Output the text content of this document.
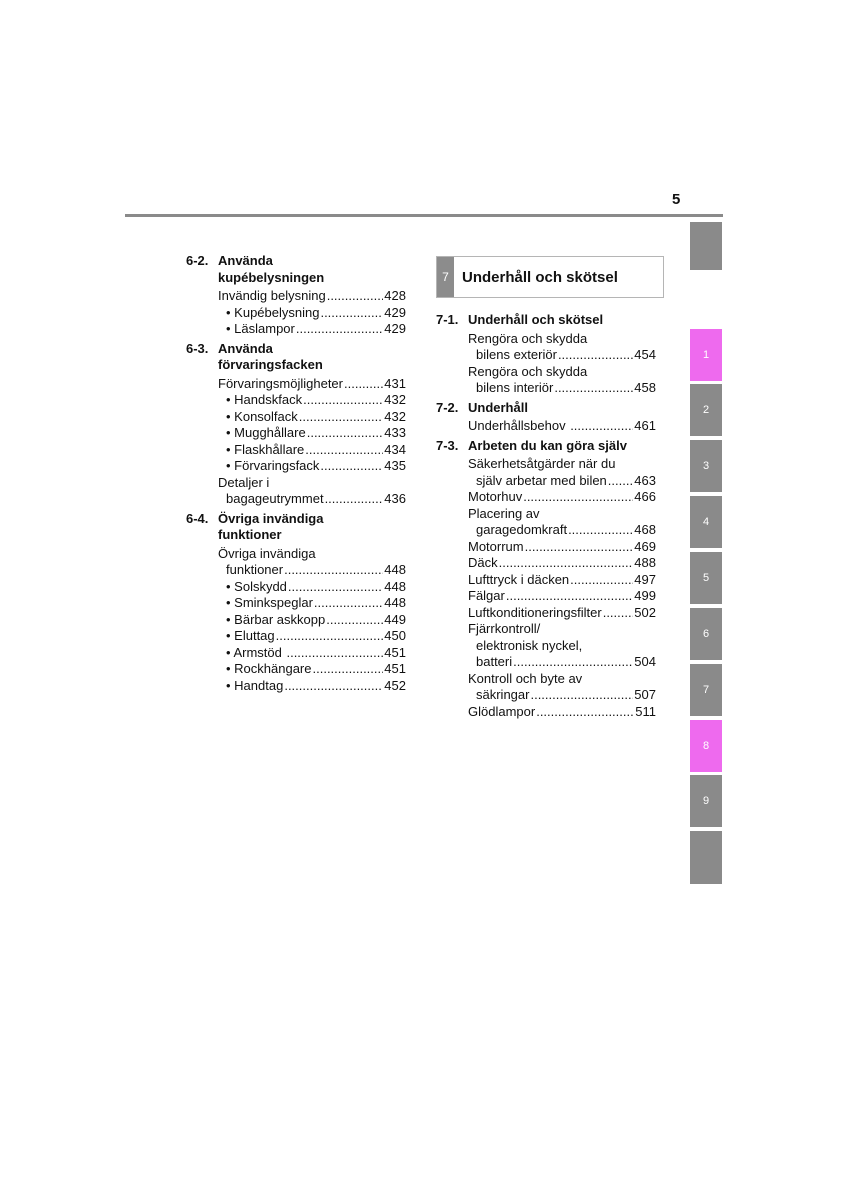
5
6-2. Använda
kupébelysningen
Invändig belysning .....	428
• Kupébelysning .....	429
• Läslampor .....	429
6-3. Använda
förvaringsfacken
Förvaringsmöjligheter .....	431
• Handskfack .....	432
• Konsolfack .....	432
• Mugghållare .....	433
• Flaskhållare .....	434
• Förvaringsfack .....	435
Detaljer i
bagageutrymmet .....	436
6-4. Övriga invändiga
funktioner
Övriga invändiga
funktioner .....	448
• Solskydd .....	448
• Sminkspeglar .....	448
• Bärbar askkopp .....	449
• Eluttag .....	450
• Armstöd .....	451
• Rockhängare .....	451
• Handtag .....	452
7 Underhåll och skötsel
7-1. Underhåll och skötsel
Rengöra och skydda
bilens exteriör .....	454
Rengöra och skydda
bilens interiör .....	458
7-2. Underhåll
Underhållsbehov .....	461
7-3. Arbeten du kan göra själv
Säkerhetsåtgärder när du
själv arbetar med bilen ..... 463
Motorhuv .....	466
Placering av
garagedomkraft .....	468
Motorrum .....	469
Däck .....	488
Lufttryck i däcken .....	497
Fälgar .....	499
Luftkonditioneringsfilter .....	502
Fjärrkontroll/
elektronisk nyckel,
batteri .....	504
Kontroll och byte av
säkringar .....	507
Glödlampor .....	511
1
2
3
4
5
6
7
8
9
